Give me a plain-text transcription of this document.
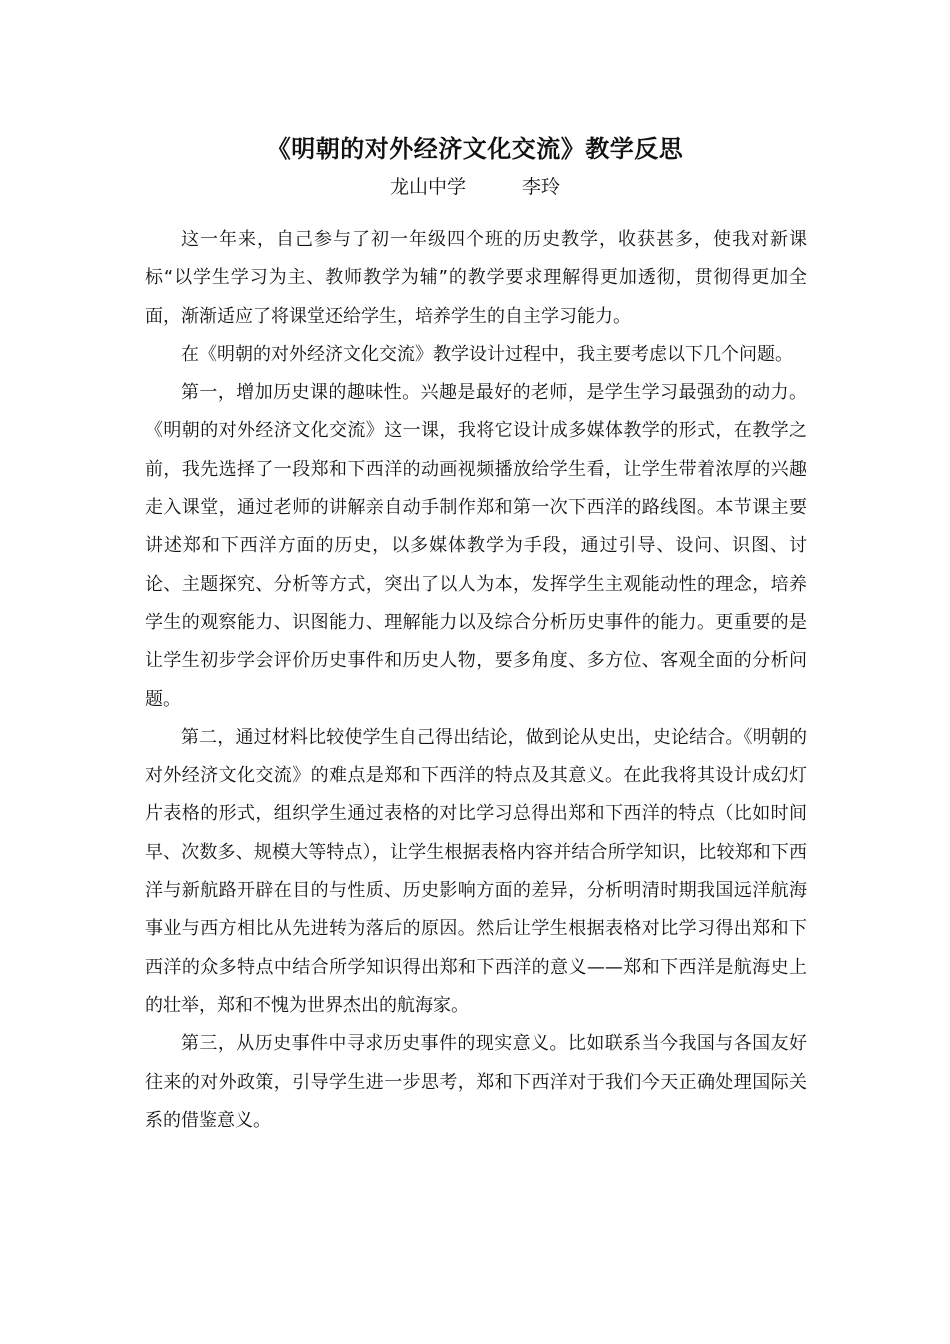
《明朝的对外经济文化交流》教学反思
龙山中学	李玲

这一年来，自己参与了初一年级四个班的历史教学，收获甚多，使我对新课标“以学生学习为主、教师教学为辅”的教学要求理解得更加透彻，贯彻得更加全面，渐渐适应了将课堂还给学生，培养学生的自主学习能力。

在《明朝的对外经济文化交流》教学设计过程中，我主要考虑以下几个问题。

第一，增加历史课的趣味性。兴趣是最好的老师，是学生学习最强劲的动力。《明朝的对外经济文化交流》这一课，我将它设计成多媒体教学的形式，在教学之前，我先选择了一段郑和下西洋的动画视频播放给学生看，让学生带着浓厚的兴趣走入课堂，通过老师的讲解亲自动手制作郑和第一次下西洋的路线图。本节课主要讲述郑和下西洋方面的历史，以多媒体教学为手段，通过引导、设问、识图、讨论、主题探究、分析等方式，突出了以人为本，发挥学生主观能动性的理念，培养学生的观察能力、识图能力、理解能力以及综合分析历史事件的能力。更重要的是让学生初步学会评价历史事件和历史人物，要多角度、多方位、客观全面的分析问题。

第二，通过材料比较使学生自己得出结论，做到论从史出，史论结合。《明朝的对外经济文化交流》的难点是郑和下西洋的特点及其意义。在此我将其设计成幻灯片表格的形式，组织学生通过表格的对比学习总得出郑和下西洋的特点（比如时间早、次数多、规模大等特点），让学生根据表格内容并结合所学知识，比较郑和下西洋与新航路开辟在目的与性质、历史影响方面的差异，分析明清时期我国远洋航海事业与西方相比从先进转为落后的原因。然后让学生根据表格对比学习得出郑和下西洋的众多特点中结合所学知识得出郑和下西洋的意义——郑和下西洋是航海史上的壮举，郑和不愧为世界杰出的航海家。

第三，从历史事件中寻求历史事件的现实意义。比如联系当今我国与各国友好往来的对外政策，引导学生进一步思考，郑和下西洋对于我们今天正确处理国际关系的借鉴意义。
